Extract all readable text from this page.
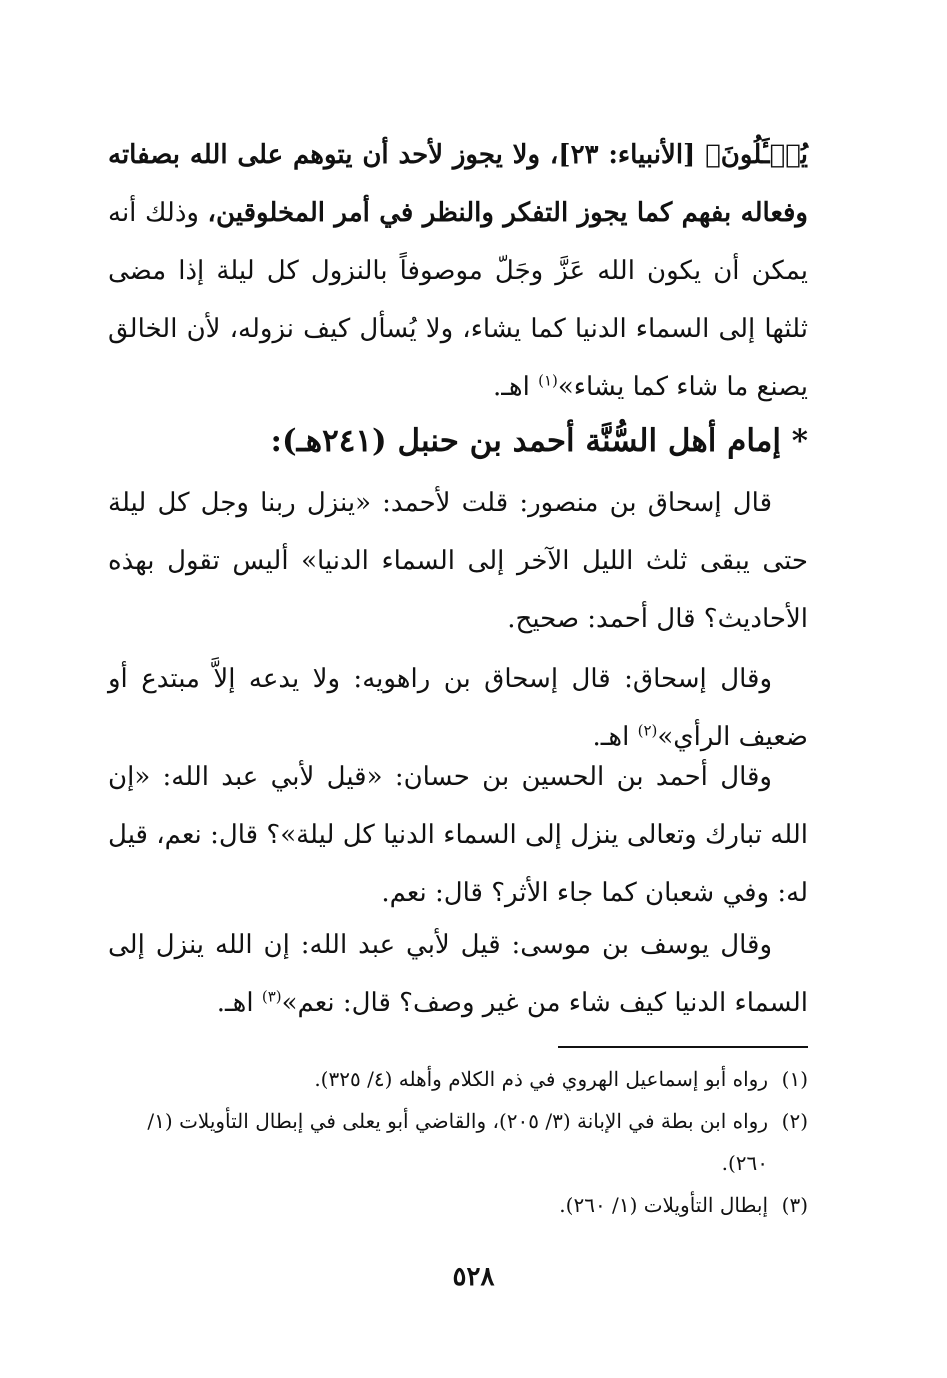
يُسۡـَٔلُونَ﴾ [الأنبياء: ٢٣]، ولا يجوز لأحد أن يتوهم على الله بصفاته وفعاله بفهم كما يجوز التفكر والنظر في أمر المخلوقين، وذلك أنه يمكن أن يكون الله عَزَّ وجَلّ موصوفاً بالنزول كل ليلة إذا مضى ثلثها إلى السماء الدنيا كما يشاء، ولا يُسأل كيف نزوله، لأن الخالق يصنع ما شاء كما يشاء»$^{(١)}$ اهـ.
* إمام أهل السُّنَّة أحمد بن حنبل (٢٤١هـ):
قال إسحاق بن منصور: قلت لأحمد: «ينزل ربنا وجل كل ليلة حتى يبقى ثلث الليل الآخر إلى السماء الدنيا» أليس تقول بهذه الأحاديث؟ قال أحمد: صحيح.
وقال إسحاق: قال إسحاق بن راهويه: ولا يدعه إلاَّ مبتدع أو ضعيف الرأي»$^{(٢)}$ اهـ.
وقال أحمد بن الحسين بن حسان: «قيل لأبي عبد الله: «إن الله تبارك وتعالى ينزل إلى السماء الدنيا كل ليلة»؟ قال: نعم، قيل له: وفي شعبان كما جاء الأثر؟ قال: نعم.
وقال يوسف بن موسى: قيل لأبي عبد الله: إن الله ينزل إلى السماء الدنيا كيف شاء من غير وصف؟ قال: نعم»$^{(٣)}$ اهـ.
(١)
رواه أبو إسماعيل الهروي في ذم الكلام وأهله (٤/ ٣٢٥).
(٢)
رواه ابن بطة في الإبانة (٣/ ٢٠٥)، والقاضي أبو يعلى في إبطال التأويلات (١/ ٢٦٠).
(٣)
إبطال التأويلات (١/ ٢٦٠).
٥٢٨
